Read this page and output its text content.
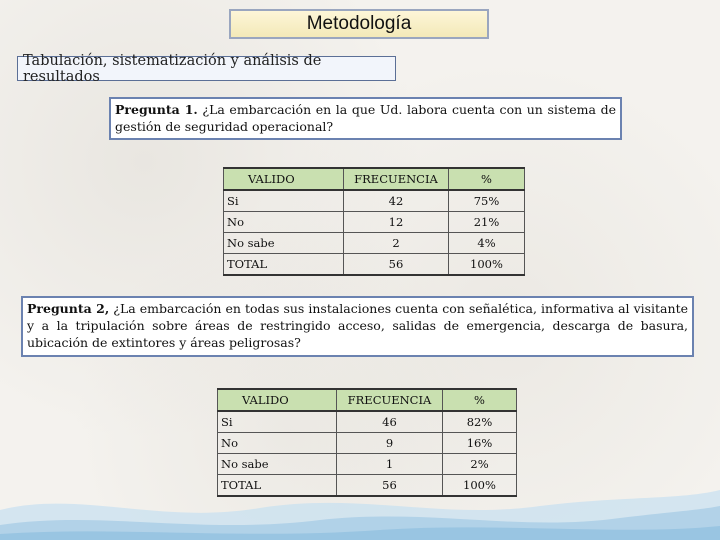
Metodología
Tabulación, sistematización y análisis de resultados
Pregunta 1. ¿La embarcación en la que Ud. labora cuenta con un sistema de gestión de seguridad operacional?
VALIDO	FRECUENCIA	%
Si	42	75%
No	12	21%
No sabe	2	4%
TOTAL	56	100%
Pregunta 2, ¿La embarcación en todas sus instalaciones cuenta con señalética, informativa al visitante y a la tripulación sobre áreas de restringido acceso, salidas de emergencia, descarga de basura, ubicación de extintores y áreas peligrosas?
VALIDO	FRECUENCIA	%
Si	46	82%
No	9	16%
No sabe	1	2%
TOTAL	56	100%
